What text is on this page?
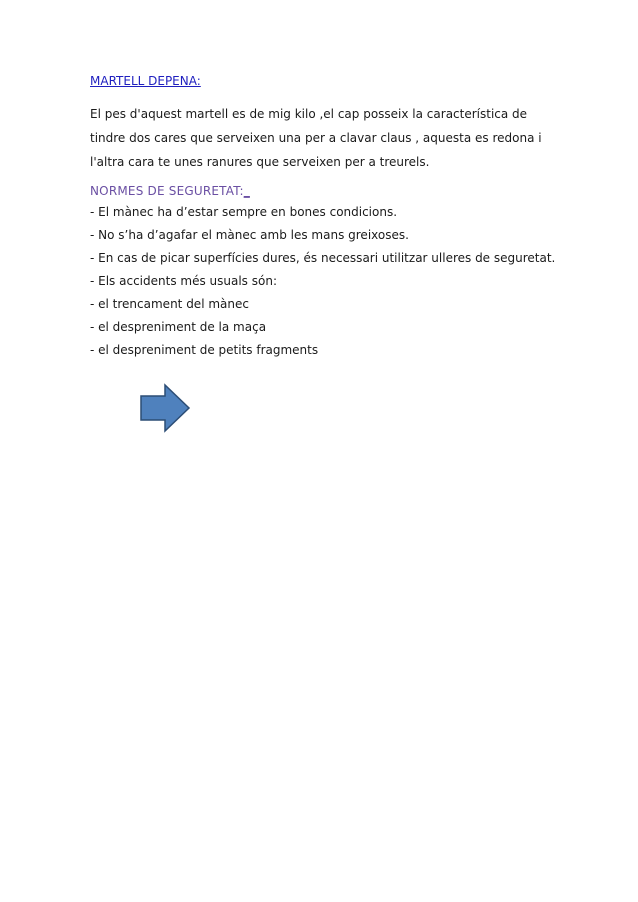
MARTELL DEPENA:

El pes d'aquest martell es de mig kilo ,el cap posseix la característica de tindre dos cares que serveixen una per a clavar claus , aquesta es redona i l'altra cara te unes ranures que serveixen per a treurels.

NORMES DE SEGURETAT:_
- El mànec ha d’estar sempre en bones condicions.
- No s’ha d’agafar el mànec amb les mans greixoses.
- En cas de picar superfícies dures, és necessari utilitzar ulleres de seguretat.
- Els accidents més usuals són:
- el trencament del mànec
- el despreniment de la maça
- el despreniment de petits fragments
